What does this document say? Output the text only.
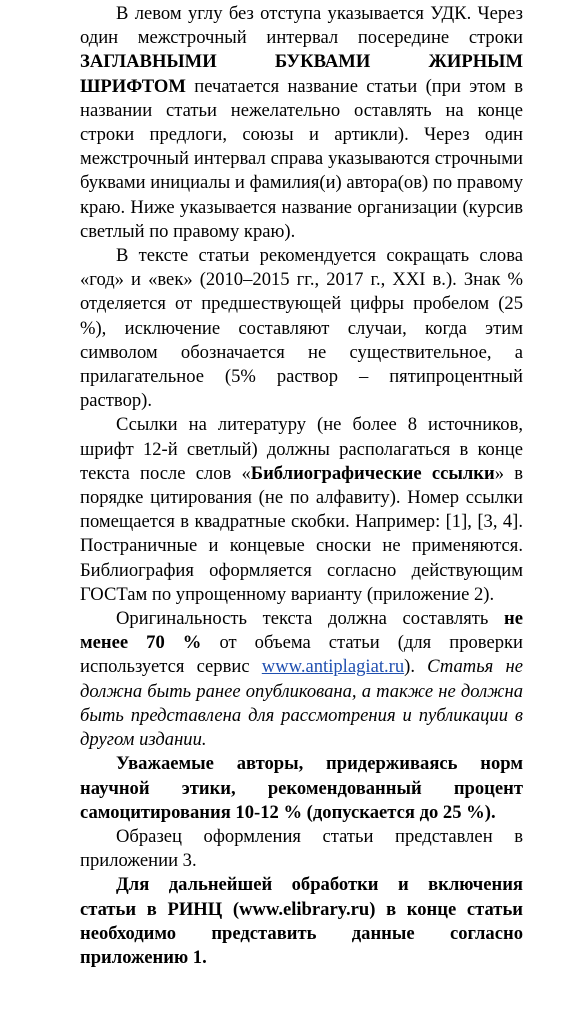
В левом углу без отступа указывается УДК. Через один межстрочный интервал посередине строки ЗАГЛАВНЫМИ БУКВАМИ ЖИРНЫМ ШРИФТОМ печатается название статьи (при этом в названии статьи нежелательно оставлять на конце строки предлоги, союзы и артикли). Через один межстрочный интервал справа указываются строчными буквами инициалы и фамилия(и) автора(ов) по правому краю. Ниже указывается название организации (курсив светлый по правому краю).

В тексте статьи рекомендуется сокращать слова «год» и «век» (2010–2015 гг., 2017 г., XXI в.). Знак % отделяется от предшествующей цифры пробелом (25 %), исключение составляют случаи, когда этим символом обозначается не существительное, а прилагательное (5% раствор – пятипроцентный раствор).

Ссылки на литературу (не более 8 источников, шрифт 12-й светлый) должны располагаться в конце текста после слов «Библиографические ссылки» в порядке цитирования (не по алфавиту). Номер ссылки помещается в квадратные скобки. Например: [1], [3, 4]. Постраничные и концевые сноски не применяются. Библиография оформляется согласно действующим ГОСТам по упрощенному варианту (приложение 2).

Оригинальность текста должна составлять не менее 70 % от объема статьи (для проверки используется сервис www.antiplagiat.ru). Статья не должна быть ранее опубликована, а также не должна быть представлена для рассмотрения и публикации в другом издании.

Уважаемые авторы, придерживаясь норм научной этики, рекомендованный процент самоцитирования 10-12 % (допускается до 25 %).

Образец оформления статьи представлен в приложении 3.

Для дальнейшей обработки и включения статьи в РИНЦ (www.elibrary.ru) в конце статьи необходимо представить данные согласно приложению 1.
